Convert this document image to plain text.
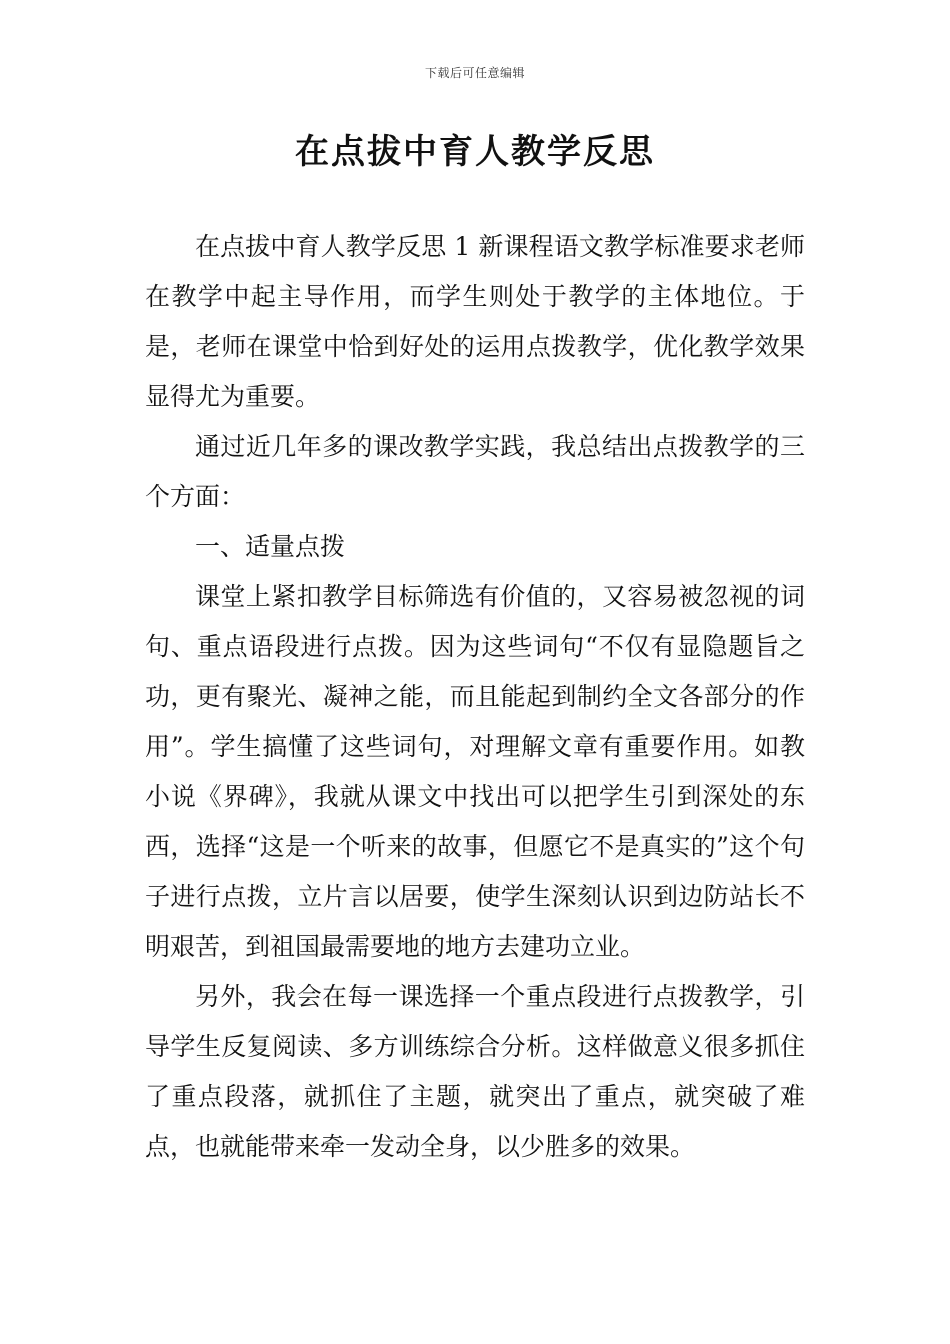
下载后可任意编辑
在点拔中育人教学反思

在点拔中育人教学反思 1 新课程语文教学标准要求老师在教学中起主导作用，而学生则处于教学的主体地位。于是，老师在课堂中恰到好处的运用点拨教学，优化教学效果显得尤为重要。

通过近几年多的课改教学实践，我总结出点拨教学的三个方面：

一、适量点拨

课堂上紧扣教学目标筛选有价值的，又容易被忽视的词句、重点语段进行点拨。因为这些词句“不仅有显隐题旨之功，更有聚光、凝神之能，而且能起到制约全文各部分的作用”。学生搞懂了这些词句，对理解文章有重要作用。如教小说《界碑》，我就从课文中找出可以把学生引到深处的东西，选择“这是一个听来的故事，但愿它不是真实的”这个句子进行点拨，立片言以居要，使学生深刻认识到边防站长不明艰苦，到祖国最需要地的地方去建功立业。

另外，我会在每一课选择一个重点段进行点拨教学，引导学生反复阅读、多方训练综合分析。这样做意义很多抓住了重点段落，就抓住了主题，就突出了重点，就突破了难点，也就能带来牵一发动全身，以少胜多的效果。
